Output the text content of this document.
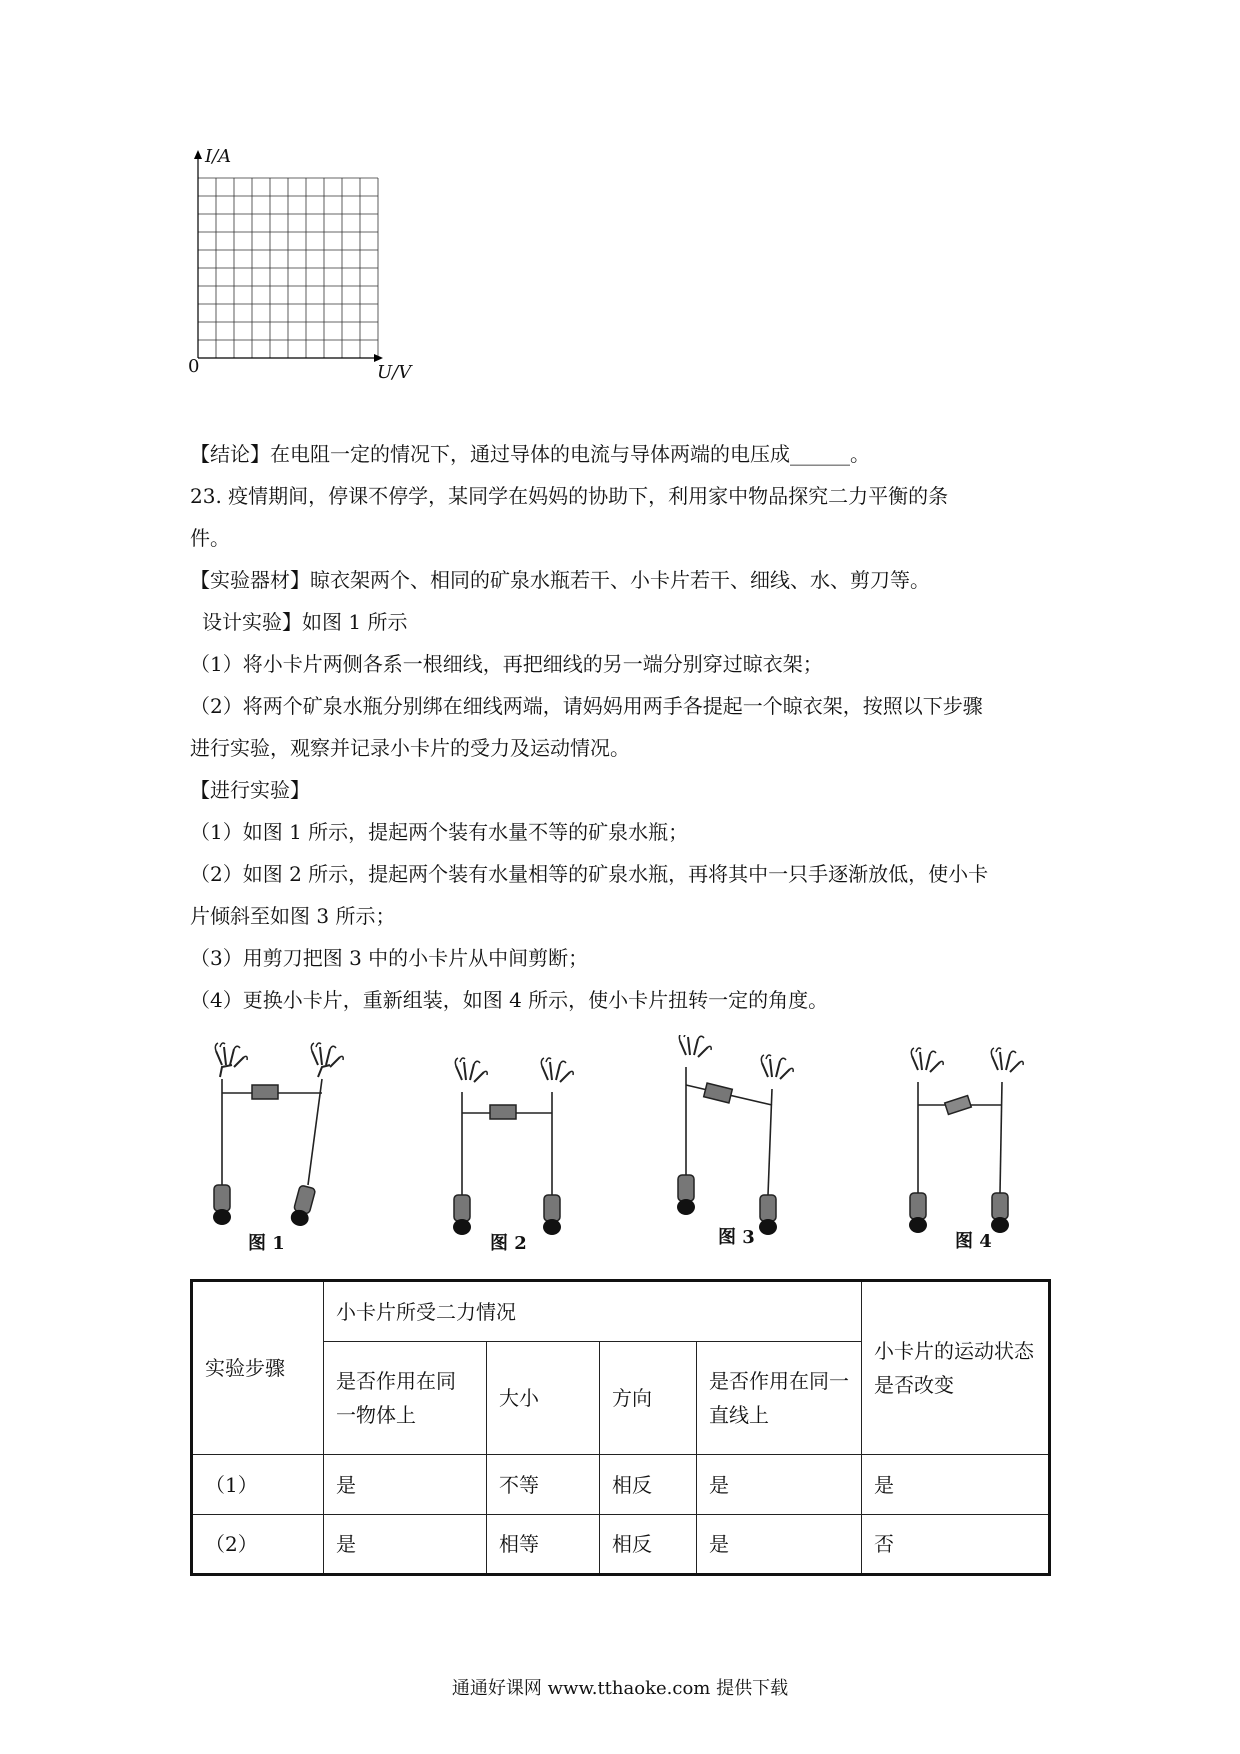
I/A
U/V
0
【结论】在电阻一定的情况下，通过导体的电流与导体两端的电压成______。
23. 疫情期间，停课不停学，某同学在妈妈的协助下，利用家中物品探究二力平衡的条
件。
【实验器材】晾衣架两个、相同的矿泉水瓶若干、小卡片若干、细线、水、剪刀等。
设计实验】如图 1 所示
（1）将小卡片两侧各系一根细线，再把细线的另一端分别穿过晾衣架；
（2）将两个矿泉水瓶分别绑在细线两端，请妈妈用两手各提起一个晾衣架，按照以下步骤
进行实验，观察并记录小卡片的受力及运动情况。
【进行实验】
（1）如图 1 所示，提起两个装有水量不等的矿泉水瓶；
（2）如图 2 所示，提起两个装有水量相等的矿泉水瓶，再将其中一只手逐渐放低，使小卡
片倾斜至如图 3 所示；
（3）用剪刀把图 3 中的小卡片从中间剪断；
（4）更换小卡片，重新组装，如图 4 所示，使小卡片扭转一定的角度。
图 1	图 2	图 3	图 4
实验步骤	小卡片所受二力情况				小卡片的运动状态是否改变
	是否作用在同一物体上	大小	方向	是否作用在同一直线上	
（1）	是	不等	相反	是	是
（2）	是	相等	相反	是	否
通通好课网 www.tthaoke.com 提供下载
